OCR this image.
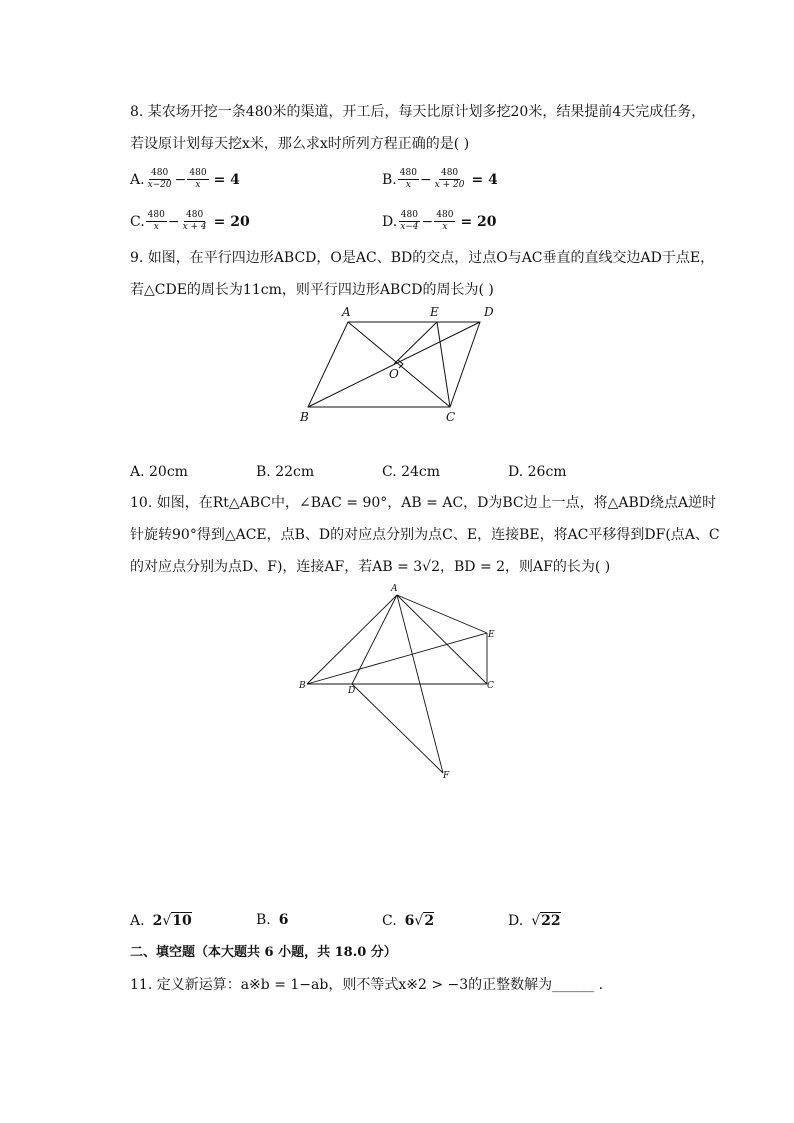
8. 某农场开挖一条480米的渠道，开工后，每天比原计划多挖20米，结果提前4天完成任务，
若设原计划每天挖x米，那么求x时所列方程正确的是( )
A. $\frac{480}{x-20} - \frac{480}{x} = 4$	B. $\frac{480}{x} - \frac{480}{x + 20} = 4$
C. $\frac{480}{x} - \frac{480}{x + 4} = 20$	D. $\frac{480}{x-4} - \frac{480}{x} = 20$
9. 如图，在平行四边形ABCD，O是AC、BD的交点，过点O与AC垂直的直线交边AD于点E，
若△CDE的周长为11cm，则平行四边形ABCD的周长为( )
A	E	D
O
B	C
A. 20cm	B. 22cm	C. 24cm	D. 26cm
10. 如图，在Rt△ABC中，∠BAC = 90°，AB = AC，D为BC边上一点，将△ABD绕点A逆时
针旋转90°得到△ACE，点B、D的对应点分别为点C、E，连接BE，将AC平移得到DF(点A、C
的对应点分别为点D、F)，连接AF，若AB = 3√2，BD = 2，则AF的长为( )
A
E
B	D	C
F
A. 2 √ 10	B. 6	C. 6 √ 2	D. √ 22
二、填空题（本大题共 6 小题，共 18.0 分）
11. 定义新运算：a※b = 1−ab，则不等式x※2 > −3的正整数解为______ .
